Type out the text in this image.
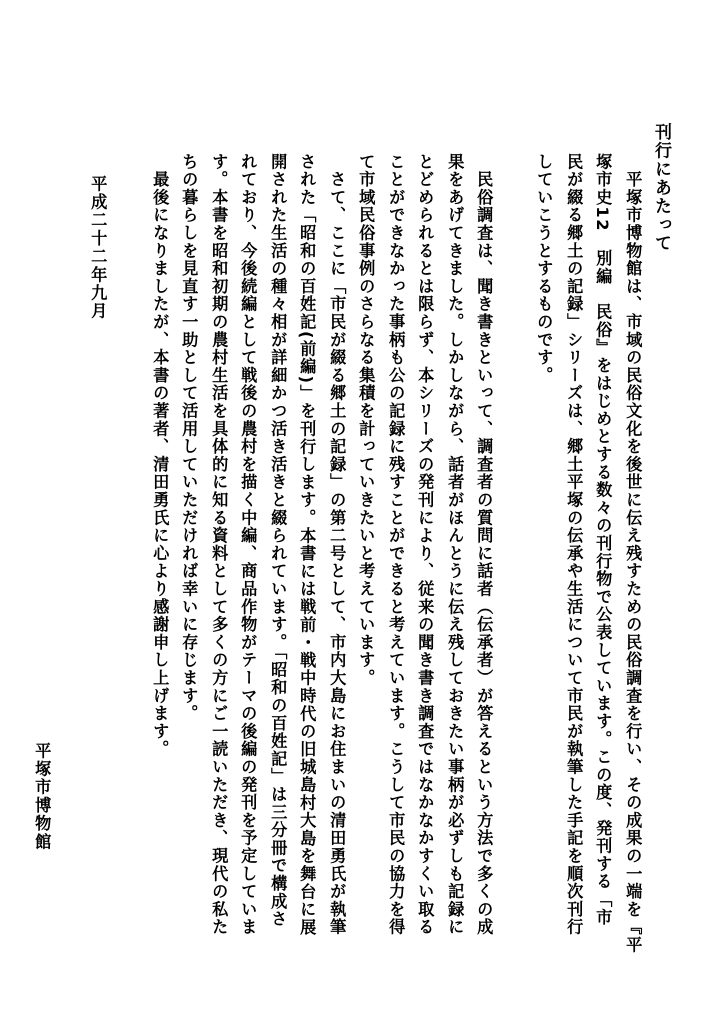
刊行にあたって
　平塚市博物館は、市域の民俗文化を後世に伝え残すための民俗調査を行い、その成果の一端を『平
塚市史12　別編　民俗』をはじめとする数々の刊行物で公表しています。この度、発刊する「市
民が綴る郷土の記録」シリーズは、郷土平塚の伝承や生活について市民が執筆した手記を順次刊行
していこうとするものです。
　民俗調査は、聞き書きといって、調査者の質問に話者（伝承者）が答えるという方法で多くの成
果をあげてきました。しかしながら、話者がほんとうに伝え残しておきたい事柄が必ずしも記録に
とどめられるとは限らず、本シリーズの発刊により、従来の聞き書き調査ではなかなかすくい取る
ことができなかった事柄も公の記録に残すことができると考えています。こうして市民の協力を得
て市域民俗事例のさらなる集積を計っていきたいと考えています。
　さて、ここに「市民が綴る郷土の記録」の第二号として、市内大島にお住まいの清田勇氏が執筆
された「昭和の百姓記(前編)」を刊行します。本書には戦前・戦中時代の旧城島村大島を舞台に展
開された生活の種々相が詳細かつ活き活きと綴られています。「昭和の百姓記」は三分冊で構成さ
れており、今後続編として戦後の農村を描く中編、商品作物がテーマの後編の発刊を予定していま
す。本書を昭和初期の農村生活を具体的に知る資料として多くの方にご一読いただき、現代の私た
ちの暮らしを見直す一助として活用していただければ幸いに存じます。
　最後になりましたが、本書の著者、清田勇氏に心より感謝申し上げます。
平成二十二年九月
平塚市博物館
